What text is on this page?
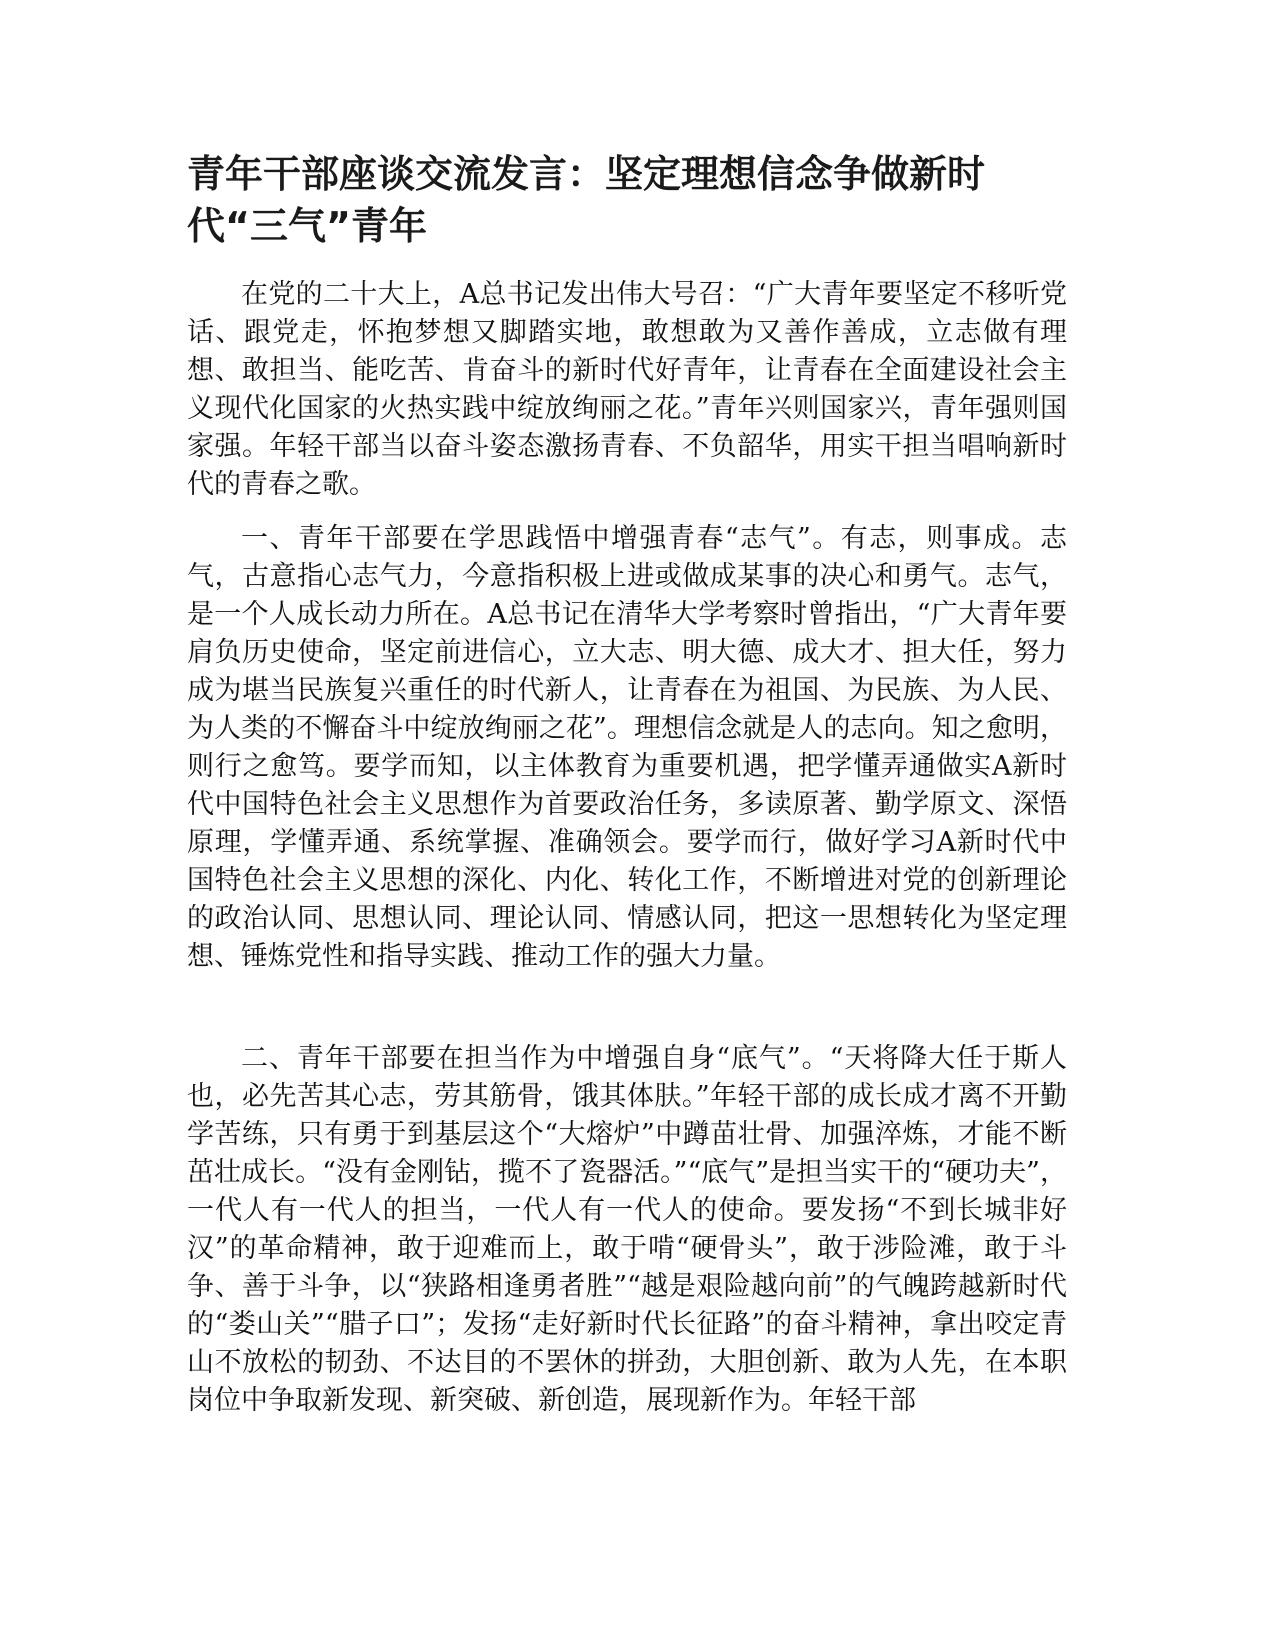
青年干部座谈交流发言：坚定理想信念争做新时代“三气”青年

在党的二十大上，A总书记发出伟大号召：“广大青年要坚定不移听党话、跟党走，怀抱梦想又脚踏实地，敢想敢为又善作善成，立志做有理想、敢担当、能吃苦、肯奋斗的新时代好青年，让青春在全面建设社会主义现代化国家的火热实践中绽放绚丽之花。”青年兴则国家兴，青年强则国家强。年轻干部当以奋斗姿态激扬青春、不负韶华，用实干担当唱响新时代的青春之歌。

一、青年干部要在学思践悟中增强青春“志气”。有志，则事成。志气，古意指心志气力，今意指积极上进或做成某事的决心和勇气。志气，是一个人成长动力所在。A总书记在清华大学考察时曾指出，“广大青年要肩负历史使命，坚定前进信心，立大志、明大德、成大才、担大任，努力成为堪当民族复兴重任的时代新人，让青春在为祖国、为民族、为人民、为人类的不懈奋斗中绽放绚丽之花”。理想信念就是人的志向。知之愈明，则行之愈笃。要学而知，以主体教育为重要机遇，把学懂弄通做实A新时代中国特色社会主义思想作为首要政治任务，多读原著、勤学原文、深悟原理，学懂弄通、系统掌握、准确领会。要学而行，做好学习A新时代中国特色社会主义思想的深化、内化、转化工作，不断增进对党的创新理论的政治认同、思想认同、理论认同、情感认同，把这一思想转化为坚定理想、锤炼党性和指导实践、推动工作的强大力量。

二、青年干部要在担当作为中增强自身“底气”。“天将降大任于斯人也，必先苦其心志，劳其筋骨，饿其体肤。”年轻干部的成长成才离不开勤学苦练，只有勇于到基层这个“大熔炉”中蹲苗壮骨、加强淬炼，才能不断茁壮成长。“没有金刚钻，揽不了瓷器活。”“底气”是担当实干的“硬功夫”，一代人有一代人的担当，一代人有一代人的使命。要发扬“不到长城非好汉”的革命精神，敢于迎难而上，敢于啃“硬骨头”，敢于涉险滩，敢于斗争、善于斗争，以“狭路相逢勇者胜”“越是艰险越向前”的气魄跨越新时代的“娄山关”“腊子口”；发扬“走好新时代长征路”的奋斗精神，拿出咬定青山不放松的韧劲、不达目的不罢休的拼劲，大胆创新、敢为人先，在本职岗位中争取新发现、新突破、新创造，展现新作为。年轻干部
